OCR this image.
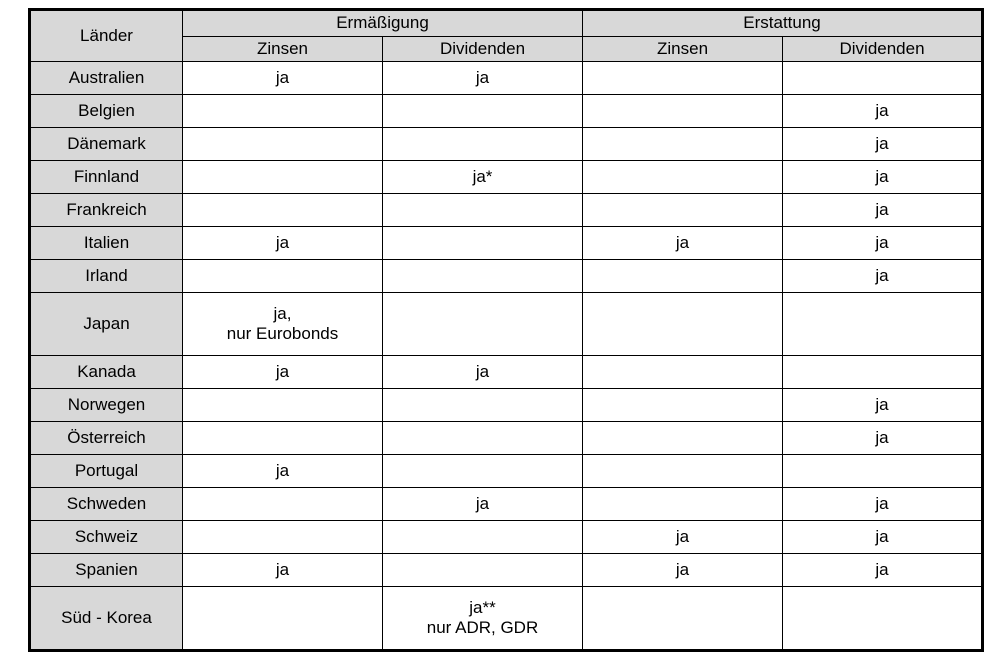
Länder	Ermäßigung		Erstattung	
	Zinsen	Dividenden	Zinsen	Dividenden
Australien	ja	ja		
Belgien				ja
Dänemark				ja
Finnland		ja*		ja
Frankreich				ja
Italien	ja		ja	ja
Irland				ja
Japan	ja,
nur Eurobonds			
Kanada	ja	ja		
Norwegen				ja
Österreich				ja
Portugal	ja			
Schweden		ja		ja
Schweiz			ja	ja
Spanien	ja		ja	ja
Süd - Korea		ja**
nur ADR, GDR		
